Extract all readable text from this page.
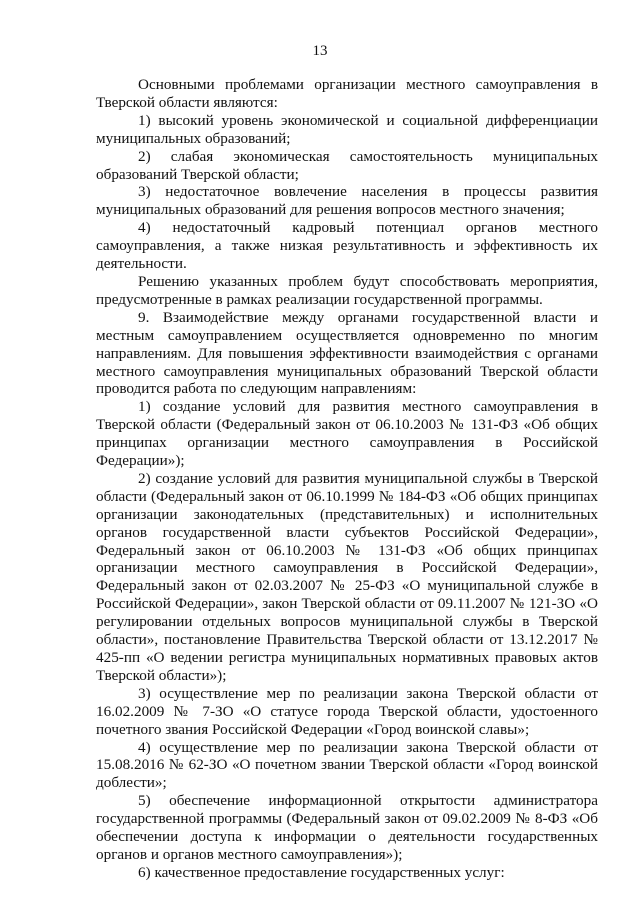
13

Основными проблемами организации местного самоуправления в Тверской области являются:

1) высокий уровень экономической и социальной дифференциации муниципальных образований;

2) слабая экономическая самостоятельность муниципальных образований Тверской области;

3) недостаточное вовлечение населения в процессы развития муниципальных образований для решения вопросов местного значения;

4) недостаточный кадровый потенциал органов местного самоуправления, а также низкая результативность и эффективность их деятельности.

Решению указанных проблем будут способствовать мероприятия, предусмотренные в рамках реализации государственной программы.

9. Взаимодействие между органами государственной власти и местным самоуправлением осуществляется одновременно по многим направлениям. Для повышения эффективности взаимодействия с органами местного самоуправления муниципальных образований Тверской области проводится работа по следующим направлениям:

1) создание условий для развития местного самоуправления в Тверской области (Федеральный закон от 06.10.2003 № 131-ФЗ «Об общих принципах организации местного самоуправления в Российской Федерации»);

2) создание условий для развития муниципальной службы в Тверской области (Федеральный закон от 06.10.1999 № 184-ФЗ «Об общих принципах организации законодательных (представительных) и исполнительных органов государственной власти субъектов Российской Федерации», Федеральный закон от 06.10.2003 № 131-ФЗ «Об общих принципах организации местного самоуправления в Российской Федерации», Федеральный закон от 02.03.2007 № 25-ФЗ «О муниципальной службе в Российской Федерации», закон Тверской области от 09.11.2007 № 121-ЗО «О регулировании отдельных вопросов муниципальной службы в Тверской области», постановление Правительства Тверской области от 13.12.2017 № 425-пп «О ведении регистра муниципальных нормативных правовых актов Тверской области»);

3) осуществление мер по реализации закона Тверской области от 16.02.2009 № 7-ЗО «О статусе города Тверской области, удостоенного почетного звания Российской Федерации «Город воинской славы»;

4) осуществление мер по реализации закона Тверской области от 15.08.2016 № 62-ЗО «О почетном звании Тверской области «Город воинской доблести»;

5) обеспечение информационной открытости администратора государственной программы (Федеральный закон от 09.02.2009 № 8-ФЗ «Об обеспечении доступа к информации о деятельности государственных органов и органов местного самоуправления»);

6) качественное предоставление государственных услуг:
